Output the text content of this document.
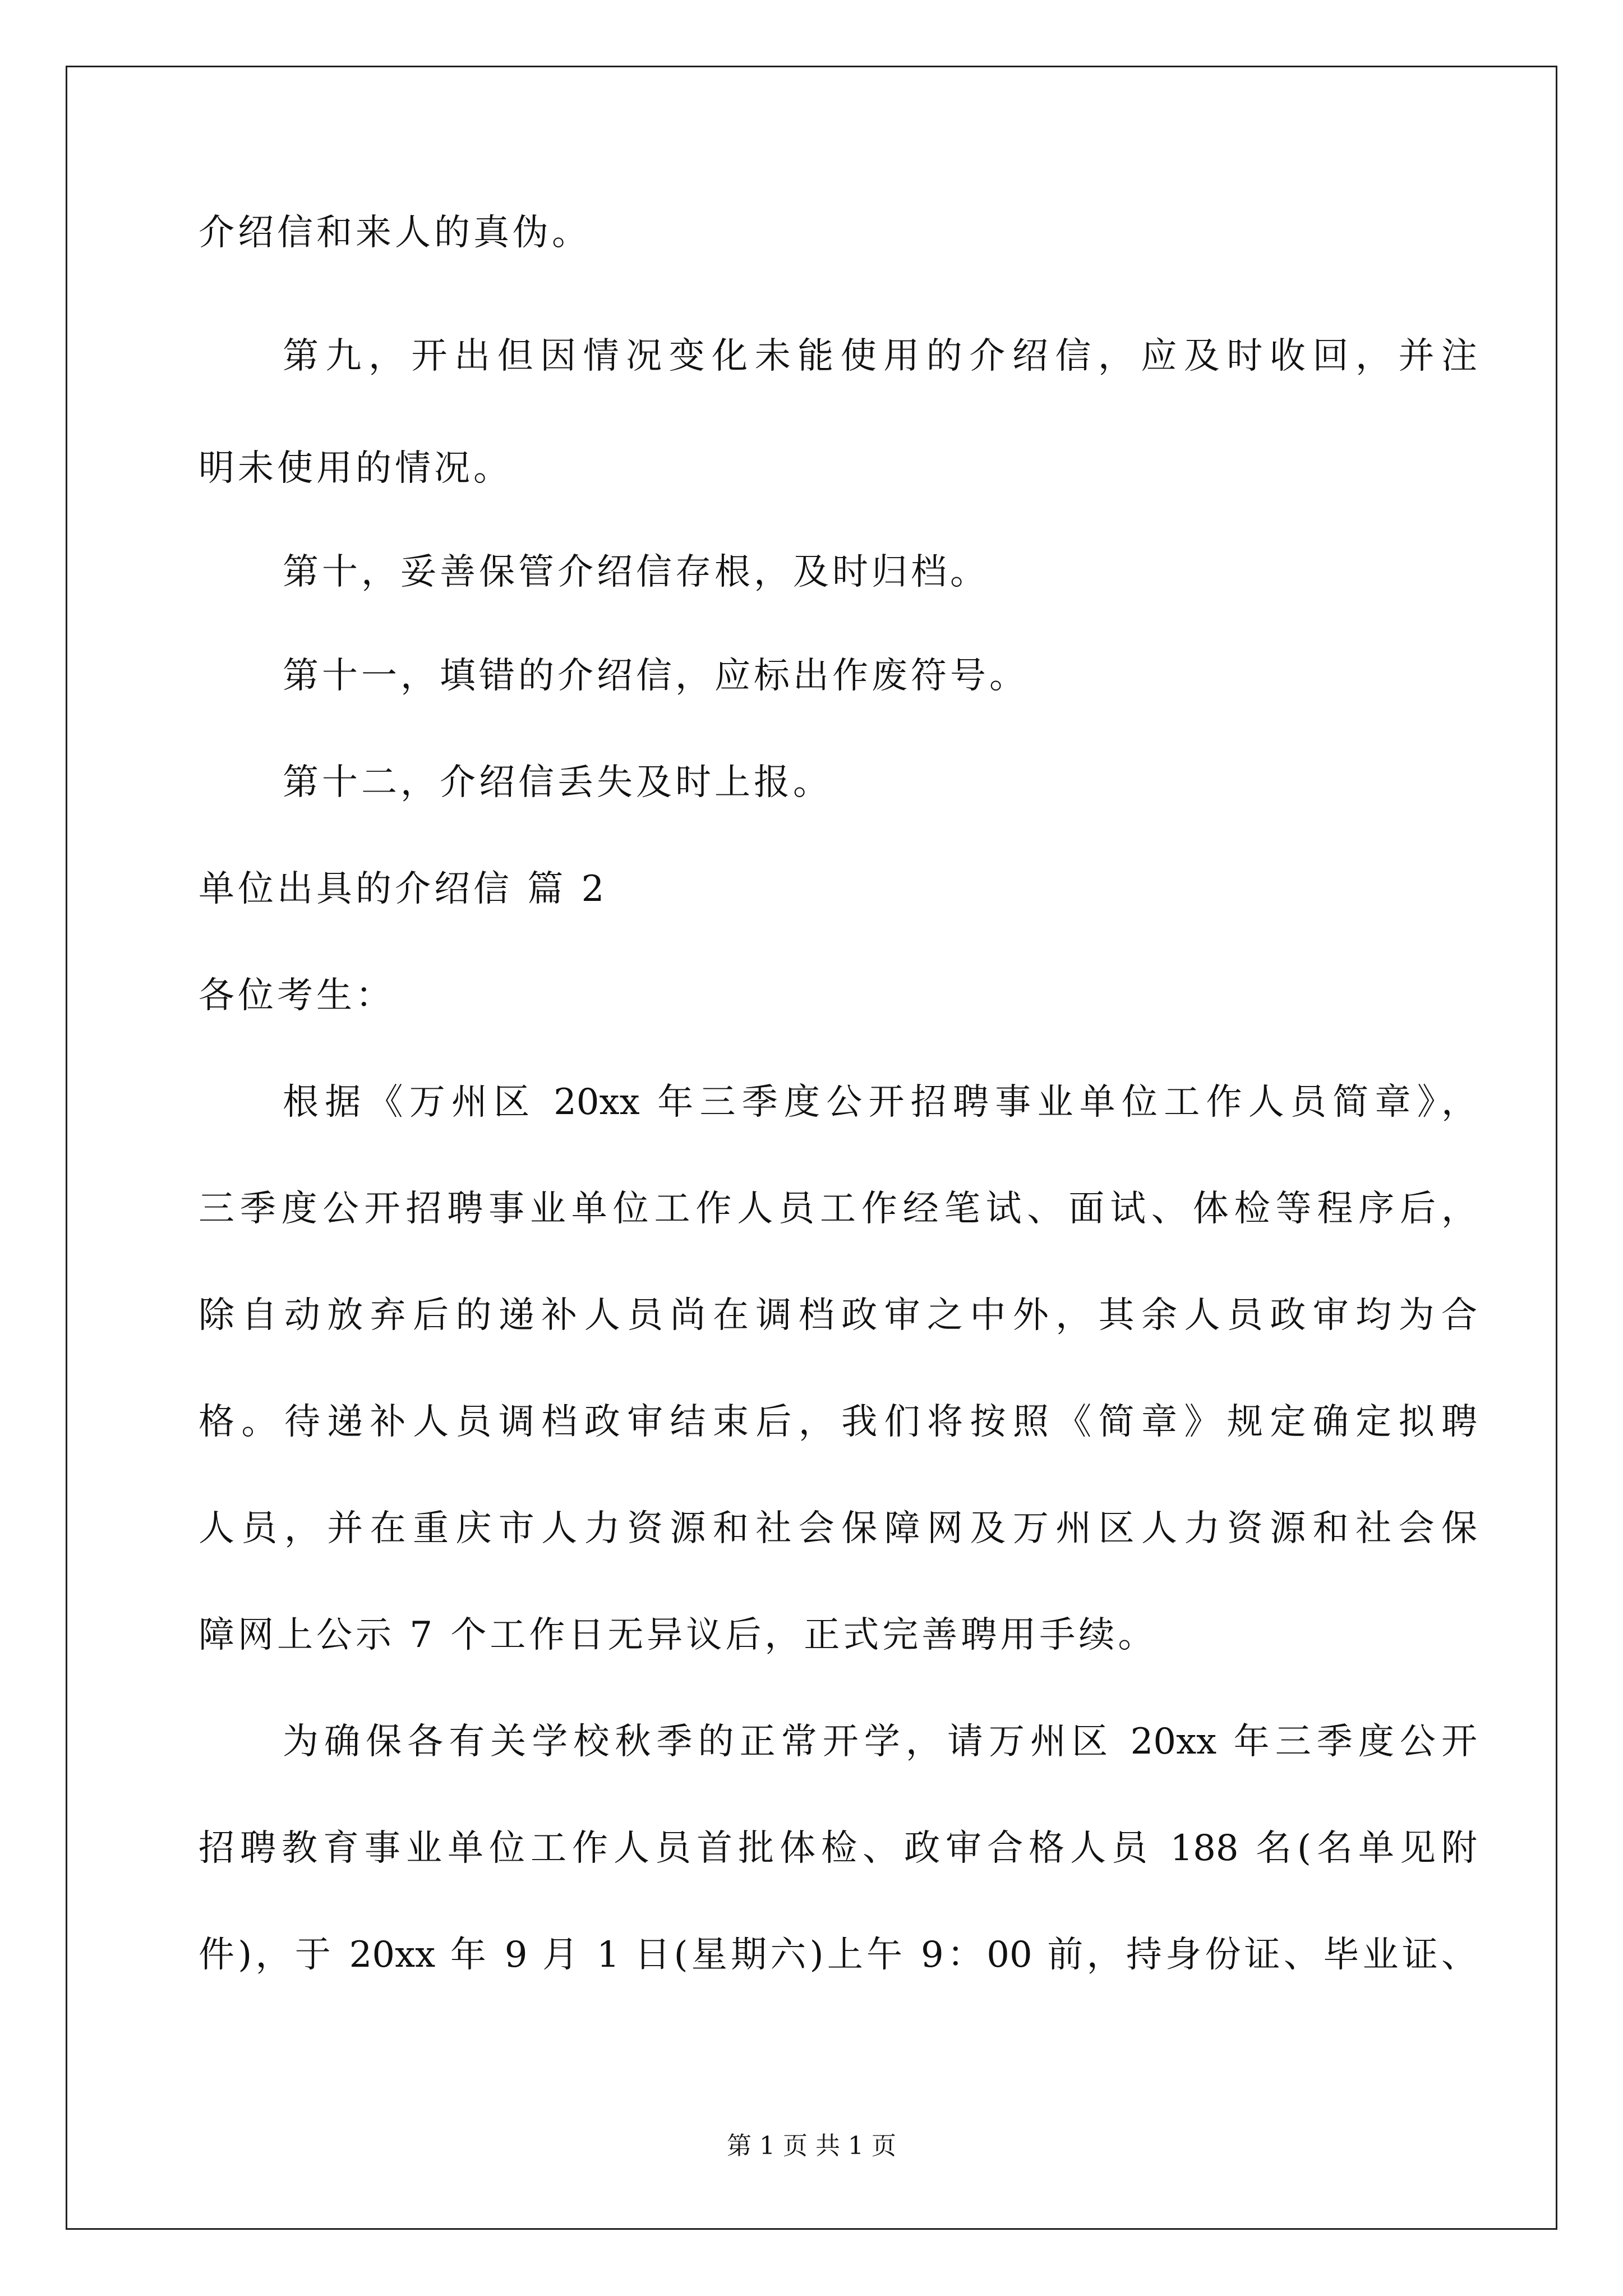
介绍信和来人的真伪。
第九，开出但因情况变化未能使用的介绍信，应及时收回，并注
明未使用的情况。
第十，妥善保管介绍信存根，及时归档。
第十一，填错的介绍信，应标出作废符号。
第十二，介绍信丢失及时上报。
单位出具的介绍信 篇 2
各位考生：
根据《万州区 20xx 年三季度公开招聘事业单位工作人员简章》，
三季度公开招聘事业单位工作人员工作经笔试、面试、体检等程序后，
除自动放弃后的递补人员尚在调档政审之中外，其余人员政审均为合
格。待递补人员调档政审结束后，我们将按照《简章》规定确定拟聘
人员，并在重庆市人力资源和社会保障网及万州区人力资源和社会保
障网上公示 7 个工作日无异议后，正式完善聘用手续。
为确保各有关学校秋季的正常开学，请万州区 20xx 年三季度公开
招聘教育事业单位工作人员首批体检、政审合格人员 188 名(名单见附
件)，于 20xx 年 9 月 1 日(星期六)上午 9：00 前，持身份证、毕业证、
第 1 页 共 1 页
